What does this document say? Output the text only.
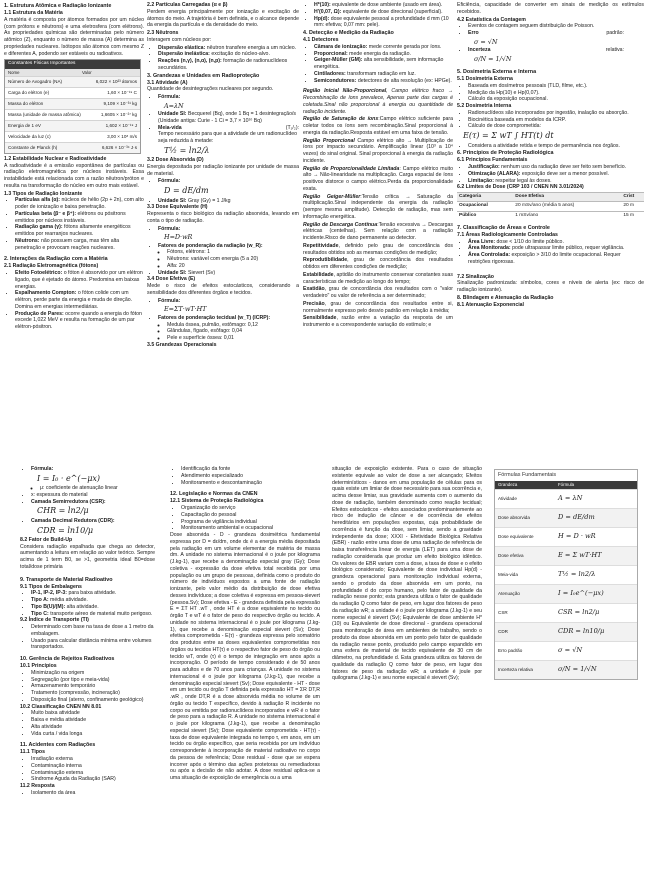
1. Estrutura Atômica e Radiação Ionizante
1.1 Estrutura da Matéria

A matéria é composta por átomos formados por um núcleo (com prótons e nêutrons) e uma eletrosfera (com elétrons). As propriedades químicas são determinadas pelo número atômico (Z), enquanto o número de massa (A) determina as propriedades nucleares. Isótopos são átomos com mesmo Z e diferentes A, podendo ser estáveis ou radioativos.

Constantes Físicas Importantes
Nome	Valor
Número de Avogadro (NA)	6,022 × 10²³ átomos
Carga do elétron (e)	1,60 × 10⁻¹⁹ C
Massa do elétron	9,109 × 10⁻³¹ kg
Massa (unidade de massa atômica)	1,6605 × 10⁻²⁷ kg
Energia de 1 eV	1,602 × 10⁻¹⁹ J
Velocidade da luz (c)	3,00 × 10⁸ m/s
Constante de Planck (h)	6,626 × 10⁻³⁴ J·s
1.2 Estabilidade Nuclear e Radioatividade

A radioatividade é a emissão espontânea de partículas ou radiação eletromagnética por núcleos instáveis. Essa instabilidade está relacionada com a razão nêutron/próton e resulta na transformação do núcleo em outro mais estável.

1.3 Tipos de Radiação Ionizante
• Partículas alfa (α): núcleos de hélio (2p + 2n), com alto poder de ionização e baixa penetração.
• Partículas beta (β⁻ e β⁺): elétrons ou pósitrons emitidos por núcleos instáveis.
• Radiação gama (γ): fótons altamente energéticos emitidos por rearranjos nucleares.
• Nêutrons: não possuem carga, mas têm alta penetração e provocam reações nucleares.
2. Interações da Radiação com a Matéria
2.1 Radiação Eletromagnética (fótons)
• Efeito Fotoelétrico: o fóton é absorvido por um elétron ligado, que é ejetado do átomo. Predomina em baixas energias.
• Espalhamento Compton: o fóton colide com um elétron, perde parte da energia e muda de direção. Domina em energias intermediárias.
• Produção de Pares: ocorre quando a energia do fóton excede 1,022 MeV e resulta na formação de um par elétron-pósitron.
2.2 Partículas Carregadas (α e β)

Perdem energia principalmente por ionização e excitação de átomos do meio. A trajetória é bem definida, e o alcance depende da energia da partícula e da densidade do meio.

2.3 Nêutrons

Interagem com núcleos por:

• Dispersão elástica: nêutron transfere energia a um núcleo.
• Dispersão inelástica: excitação do núcleo-alvo.
• Reações (n,γ), (n,α), (n,p): formação de radionuclídeos secundários.
3. Grandezas e Unidades em Radioproteção
3.1 Atividade (A)

Quantidade de desintegrações nucleares por segundo.

• Fórmula:
A=λN
• Unidade SI: Becquerel (Bq), onde 1 Bq = 1 desintegração/s
(Unidade antiga: Curie - 1 Ci = 3,7 × 10¹⁰ Bq)
• Meia-vida	(T₁/₂):

Tempo necessário para que a atividade de um radionuclídeo seja reduzida à metade:
T½ = ln2/λ
3.2 Dose Absorvida (D)

Energia depositada por radiação ionizante por unidade de massa de material.

• Fórmula:
D = dE/dm
• Unidade SI: Gray (Gy) = 1 J/kg
3.3 Dose Equivalente (H)

Representa o risco biológico da radiação absorvida, levando em conta o tipo de radiação.

• Fórmula:
H=D·wR
• Fatores de ponderação da radiação (w_R):
◦ Fótons, elétrons: 1
◦ Nêutrons: variável com energia (5 a 20)
◦ Alfa: 20
• Unidade SI: Sievert (Sv)
3.4 Dose Efetiva (E)

Mede o risco de efeitos estocásticos, considerando a sensibilidade dos diferentes órgãos e tecidos.

• Fórmula:
E=ΣT·wT·HT
• Fatores de ponderação tecidual (w_T) (ICRP):
◦ Medula óssea, pulmão, estômago: 0,12
◦ Glândulas, fígado, esôfago: 0,04
◦ Pele e superfície óssea: 0,01
3.5 Grandezas Operacionais
• H*(10): equivalente de dose ambiente (usado em área).
• H'(0,07, Ω): equivalente de dose direcional (superficial).
• Hp(d): dose equivalente pessoal a profundidade d mm (10 mm: efetiva; 0,07 mm: pele).
4. Detecção e Medição da Radiação
4.1 Detectores
• Câmara de ionização: mede corrente gerada por íons.
• Proporcional: mede energia da radiação.
• Geiger-Müller (GM): alta sensibilidade, sem informação energética.
• Cintiladores: transformam radiação em luz.
• Semicondutores: detectores de alta resolução (ex: HPGe).

Região Inicial Não-Proporcional, Campo elétrico fraco → Recombinação de íons prevalece, Apenas parte das cargas é coletada.Sinal não proporcional à energia ou quantidade de radiação incidente.

Região de Saturação de íons:Campo elétrico suficiente para coletar todos os íons sem recombinação.Sinal proporcional à energia da radiação.Resposta estável em uma faixa de tensão.

Região Proporcional Campo elétrico alto → Multiplicação de íons por impacto secundário. Amplificação linear (10³ a 10⁴ vezes) do sinal original. Sinal proporcional à energia da radiação incidente.

Região de Proporcionalidade Limitada: Campo elétrico muito alto → Não-linearidade na multiplicação. Carga espacial de íons positivos distorce o campo elétrico.Perda da proporcionalidade exata.

Região Geiger-Müller:Tensão crítica → Saturação da multiplicação.Sinal independente da energia da radiação (sempre mesma amplitude). Detecção de radiação, mas sem informação energética.

Região de Descarga Contínua:Tensão excessiva → Descargas elétricas (centelhas). Sem relação com a radiação incidente.Risco de dano permanente ao detector.

Repetitividade, definido pelo grau de concordância dos resultados obtidos sob as mesmas condições de medição;

Reprodutibilidade, grau de concordância dos resultados obtidos em diferentes condições de medição;

Estabilidade, aptidão do instrumento conservar constantes suas características de medição ao longo do tempo;

Exatidão, grau de concordância dos resultados com o "valor verdadeiro" ou valor de referência a ser determinado;

Precisão, grau de concordância dos resultados entre si, normalmente expresso pelo desvio padrão em relação à média;

Sensibilidade, razão entre a variação da resposta de um instrumento e a correspondente variação do estímulo; e

Eficiência, capacidade de converter em sinais de medição os estímulos recebidos.

4.2 Estatística da Contagem
• Eventos de contagem seguem distribuição de Poisson.
• Erro	padrão:
σ = √N
• Incerteza	relativa:
σ/N = 1/√N
5. Dosimetria Externa e Interna
5.1 Dosimetria Externa
• Baseada em dosímetros pessoais (TLD, filme, etc.).
• Medição da Hp(10) e Hp(0,07).
• Cálculo da exposição ocupacional.
5.2 Dosimetria Interna
• Radionuclídeos são incorporados por ingestão, inalação ou absorção.
• Biocinética baseada em modelos da ICRP.
• Cálculo de dose comprometida:
E(τ) = Σ wT ∫ HT(t) dt
• Considera a atividade retida e tempo de permanência nos órgãos.
6. Princípios de Proteção Radiológica
6.1 Princípios Fundamentais
• Justificação: nenhum uso da radiação deve ser feito sem benefício.
• Otimização (ALARA): exposição deve ser a menor possível.
• Limitação: respeitar legal às doses.
6.2 Limites de Dose (CRP 103 / CNEN NN 3.01/2024)
Categoria	Dose Efetiva	Crist
Ocupacional	20 mSv/ano (média 5 anos)	20 m
Público	1 mSv/ano	15 m
7. Classificação de Áreas e Controle
7.1 Áreas Radiologicamente Controladas
• Área Livre: dose < 1/10 do limite público.
• Área Monitorada: pode ultrapassar limite público, requer vigilância.
• Área Controlada: exposição > 3/10 do limite ocupacional. Requer restrições rigorosas.
7.2 Sinalização

Sinalização padronizada: símbolos, cores e níveis de alerta (ex: risco de radiação ionizante).

8. Blindagem e Atenuação da Radiação
8.1 Atenuação Exponencial
• Fórmula:
I = I₀ · e^(−μx)
◦ μ: coeficiente de atenuação linear
• x: espessura do material
• Camada Semirredutora (CSR):
CHR = ln2/μ
• Camada Decimal Redutora (CDR):
CDR = ln10/μ
8.2 Fator de Build-Up

Considera radiação espalhada que chega ao detector, aumentando a leitura em relação ao valor teórico. Sempre acima de 1 term B0, se >1, geometria ideal B0=dose total/dose primária

9. Transporte de Material Radioativo
9.1 Tipos de Embalagens
• IP-1, IP-2, IP-3: para baixa atividade.
• Tipo A: média atividade.
• Tipo B(U)/(M): alta atividade.
• Tipo C: transporte aéreo de material muito perigoso.
9.2 Índice de Transporte (TI)
• Determinado com base na taxa de dose a 1 metro da embalagem.
• Usado para calcular distância mínima entre volumes transportados.
10. Gerência de Rejeitos Radioativos
10.1 Princípios
• Minimização na origem
• Segregação (por tipo e meia-vida)
• Armazenamento temporário
• Tratamento (compressão, incineração)
• Disposição final (aterro, confinamento geológico)
10.2 Classificação CNEN NN 8.01
• Muito baixa atividade
• Baixa e média atividade
• Alta atividade
• Vida curta / vida longa
11. Acidentes com Radiações
11.1 Tipos
• Irradiação externa
• Contaminação interna
• Contaminação externa
• Síndrome Aguda da Radiação (SAR)
11.2 Resposta
• Isolamento da área
• Identificação da fonte
• Atendimento especializado
• Monitoramento e descontaminação
12. Legislação e Normas da CNEN
12.1 Sistema de Proteção Radiológica
• Organização do serviço
• Capacitação do pessoal
• Programa de vigilância individual
• Monitoramento ambiental e ocupacional

Dose absorvida - D - grandeza dosimétrica fundamental expressa por D = dε/dm, onde dε é a energia média depositada pela radiação em um volume elementar de matéria de massa dm. A unidade no sistema internacional é o joule por kilograma (J.kg-1), que recebe a denominação especial gray (Gy); Dose coletiva - expressão da dose efetiva total recebida por uma população ou um grupo de pessoas, definida como o produto do número de indivíduos expostos a uma fonte de radiação ionizante, pelo valor médio da distribuição de dose efetiva desses indivíduos; a dose coletiva é expressa em pessoa-sievert (pessoa.Sv); Dose efetiva - E - grandeza definida pela expressão E = ΣT HT .wT , onde HT é a dose equivalente no tecido ou órgão T e wT é o fator de peso do respectivo órgão ou tecido. A unidade no sistema internacional é o joule por kilograma (J.kg-1), que recebe a denominação especial sievert (Sv); Dose efetiva comprometida - E(τ) - grandeza expressa pelo somatório dos produtos entre as doses equivalentes comprometidas nos órgãos ou tecidos HT(τ) e o respectivo fator de peso do órgão ou tecido wT, onde (τ) é o tempo de integração em anos após a incorporação. O período de tempo considerado é de 50 anos para adultos e de 70 anos para crianças. A unidade no sistema internacional é o joule por kilograma (J.kg-1), que recebe a denominação especial sievert (Sv); Dose equivalente - HT - dose em um tecido ou órgão T definida pela expressão HT = ΣR DT,R .wR , onde DT,R é a dose absorvida média no volume de um órgão ou tecido T específico, devido à radiação R incidente no corpo ou emitida por radionuclídeos incorporados e wR é o fator de peso para a radiação R. A unidade no sistema internacional é o joule por kilograma (J.kg-1), que recebe a denominação especial sievert (Sv); Dose equivalente comprometida - HT(τ) - taxa de dose equivalente integrada no tempo τ, em anos, em um tecido ou órgão específico, que seria recebida por um indivíduo correspondente à incorporação de material radioativo no corpo da pessoa de referência; Dose residual - dose que se espera incorrer após o término das ações protetoras ou remediadoras ou após a decisão de não adotar. A dose residual aplica-se a uma situação de exposição de emergência ou a uma

situação de exposição existente. Para o caso de situação existente equivale ao valor de dose a ser alcançado; Efeitos determinísticos - danos em uma população de células para os quais existe um limiar de dose necessário para sua ocorrência e, acima desse limiar, sua gravidade aumenta com o aumento da dose de radiação, também denominado como reação tecidual; Efeitos estocásticos - efeitos associados predominantemente ao risco de indução de câncer e de ocorrência de efeitos hereditários em populações expostas, cuja probabilidade de ocorrência é função da dose, sem limiar, sendo a gravidade independente da dose; XXXI - Efetividade Biológica Relativa (EBR) - razão entre uma dose de uma radiação de referência de baixa transferência linear de energia (LET) para uma dose de radiação considerada que produz um efeito biológico idêntico. Os valores de EBR variam com a dose, a taxa de dose e o efeito biológico considerado; Equivalente de dose individual Hp(d) - grandeza operacional para monitoração individual externa, sendo o produto da dose absorvida em um ponto, na profundidade d do corpo humano, pelo fator de qualidade da radiação nesse ponto; esta grandeza utiliza o fator de qualidade da radiação Q como fator de peso, em lugar dos fatores de peso da radiação wR; a unidade é o joule por kilograma (J.kg-1) e seu nome especial é sievert (Sv); Equivalente de dose ambiente H*(10) ou Equivalente de dose direcional - grandeza operacional para monitoração de área em ambientes de trabalho, sendo o produto da dose absorvida em um ponto pelo fator de qualidade da radiação nesse ponto, produzido pelo campo expandido em uma esfera de material de tecido equivalente de 30 cm de diâmetro, na profundidade d. Esta grandeza utiliza os fatores de qualidade da radiação Q como fator de peso, em lugar dos fatores de peso da radiação wR; a unidade é joule por quilograma (J.kg-1) e seu nome especial é sievert (Sv);

Fórmulas Fundamentais
Grandeza	Fórmula
Atividade	A = λN
Dose absorvida	D = dE/dm
Dose equivalente	H = D · wR
Dose efetiva	E = Σ wT·HT
Meia-vida	T½ = ln2/λ
Atenuação	I = I₀e^(−μx)
CSR	CSR = ln2/μ
CDR	CDR = ln10/μ
Erro padrão	σ = √N
Incerteza relativa	σ/N = 1/√N
